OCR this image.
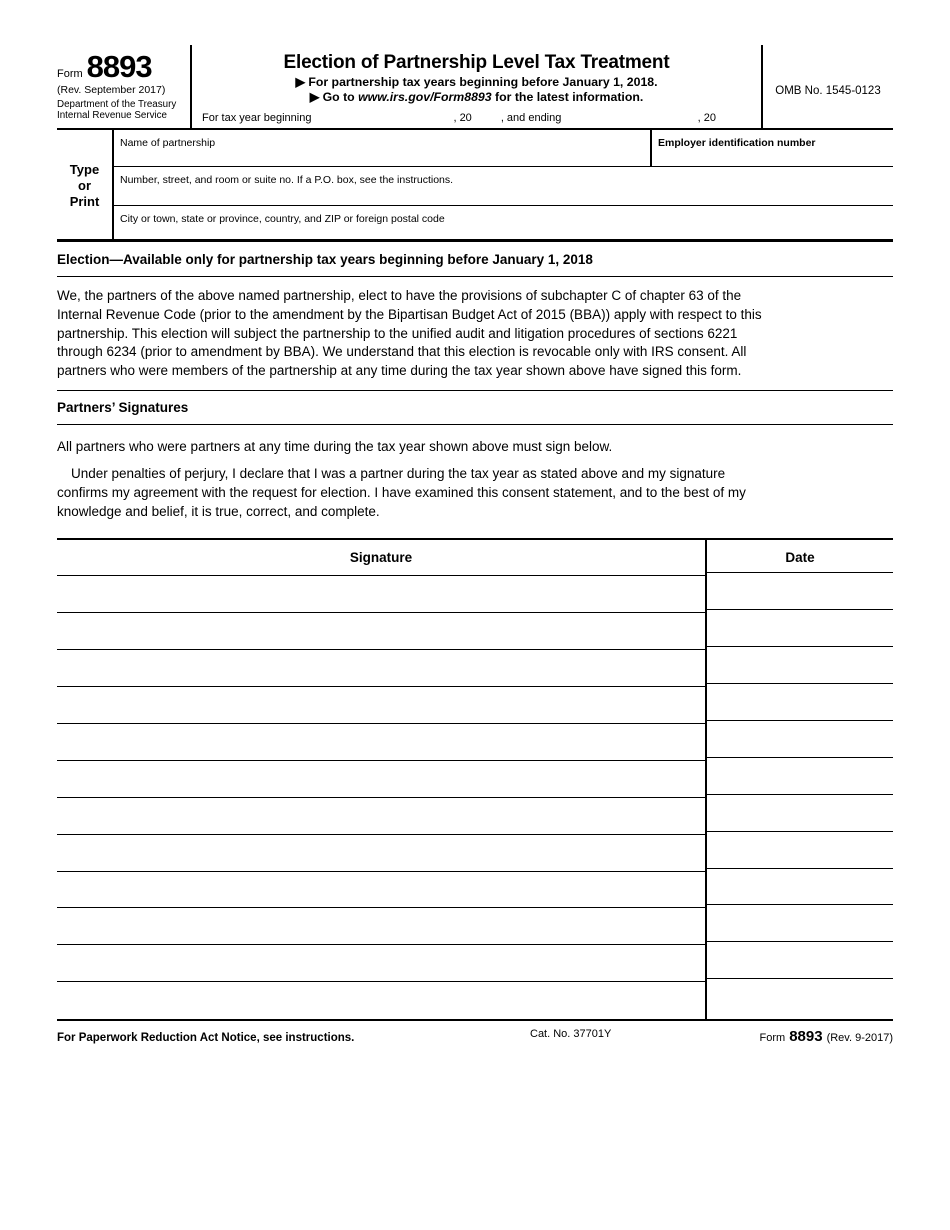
Form 8893
(Rev. September 2017)
Department of the Treasury
Internal Revenue Service
Election of Partnership Level Tax Treatment
▶ For partnership tax years beginning before January 1, 2018.
▶ Go to www.irs.gov/Form8893 for the latest information.
For tax year beginning	, 20	, and ending	, 20
OMB No. 1545-0123
Type
or
Print
Name of partnership	Employer identification number
Number, street, and room or suite no. If a P.O. box, see the instructions.
City or town, state or province, country, and ZIP or foreign postal code
Election—Available only for partnership tax years beginning before January 1, 2018
We, the partners of the above named partnership, elect to have the provisions of subchapter C of chapter 63 of the
Internal Revenue Code (prior to the amendment by the Bipartisan Budget Act of 2015 (BBA)) apply with respect to this
partnership. This election will subject the partnership to the unified audit and litigation procedures of sections 6221
through 6234 (prior to amendment by BBA). We understand that this election is revocable only with IRS consent. All
partners who were members of the partnership at any time during the tax year shown above have signed this form.
Partners’ Signatures
All partners who were partners at any time during the tax year shown above must sign below.
Under penalties of perjury, I declare that I was a partner during the tax year as stated above and my signature
confirms my agreement with the request for election. I have examined this consent statement, and to the best of my
knowledge and belief, it is true, correct, and complete.
Signature	Date
For Paperwork Reduction Act Notice, see instructions.	Cat. No. 37701Y	Form 8893 (Rev. 9-2017)
